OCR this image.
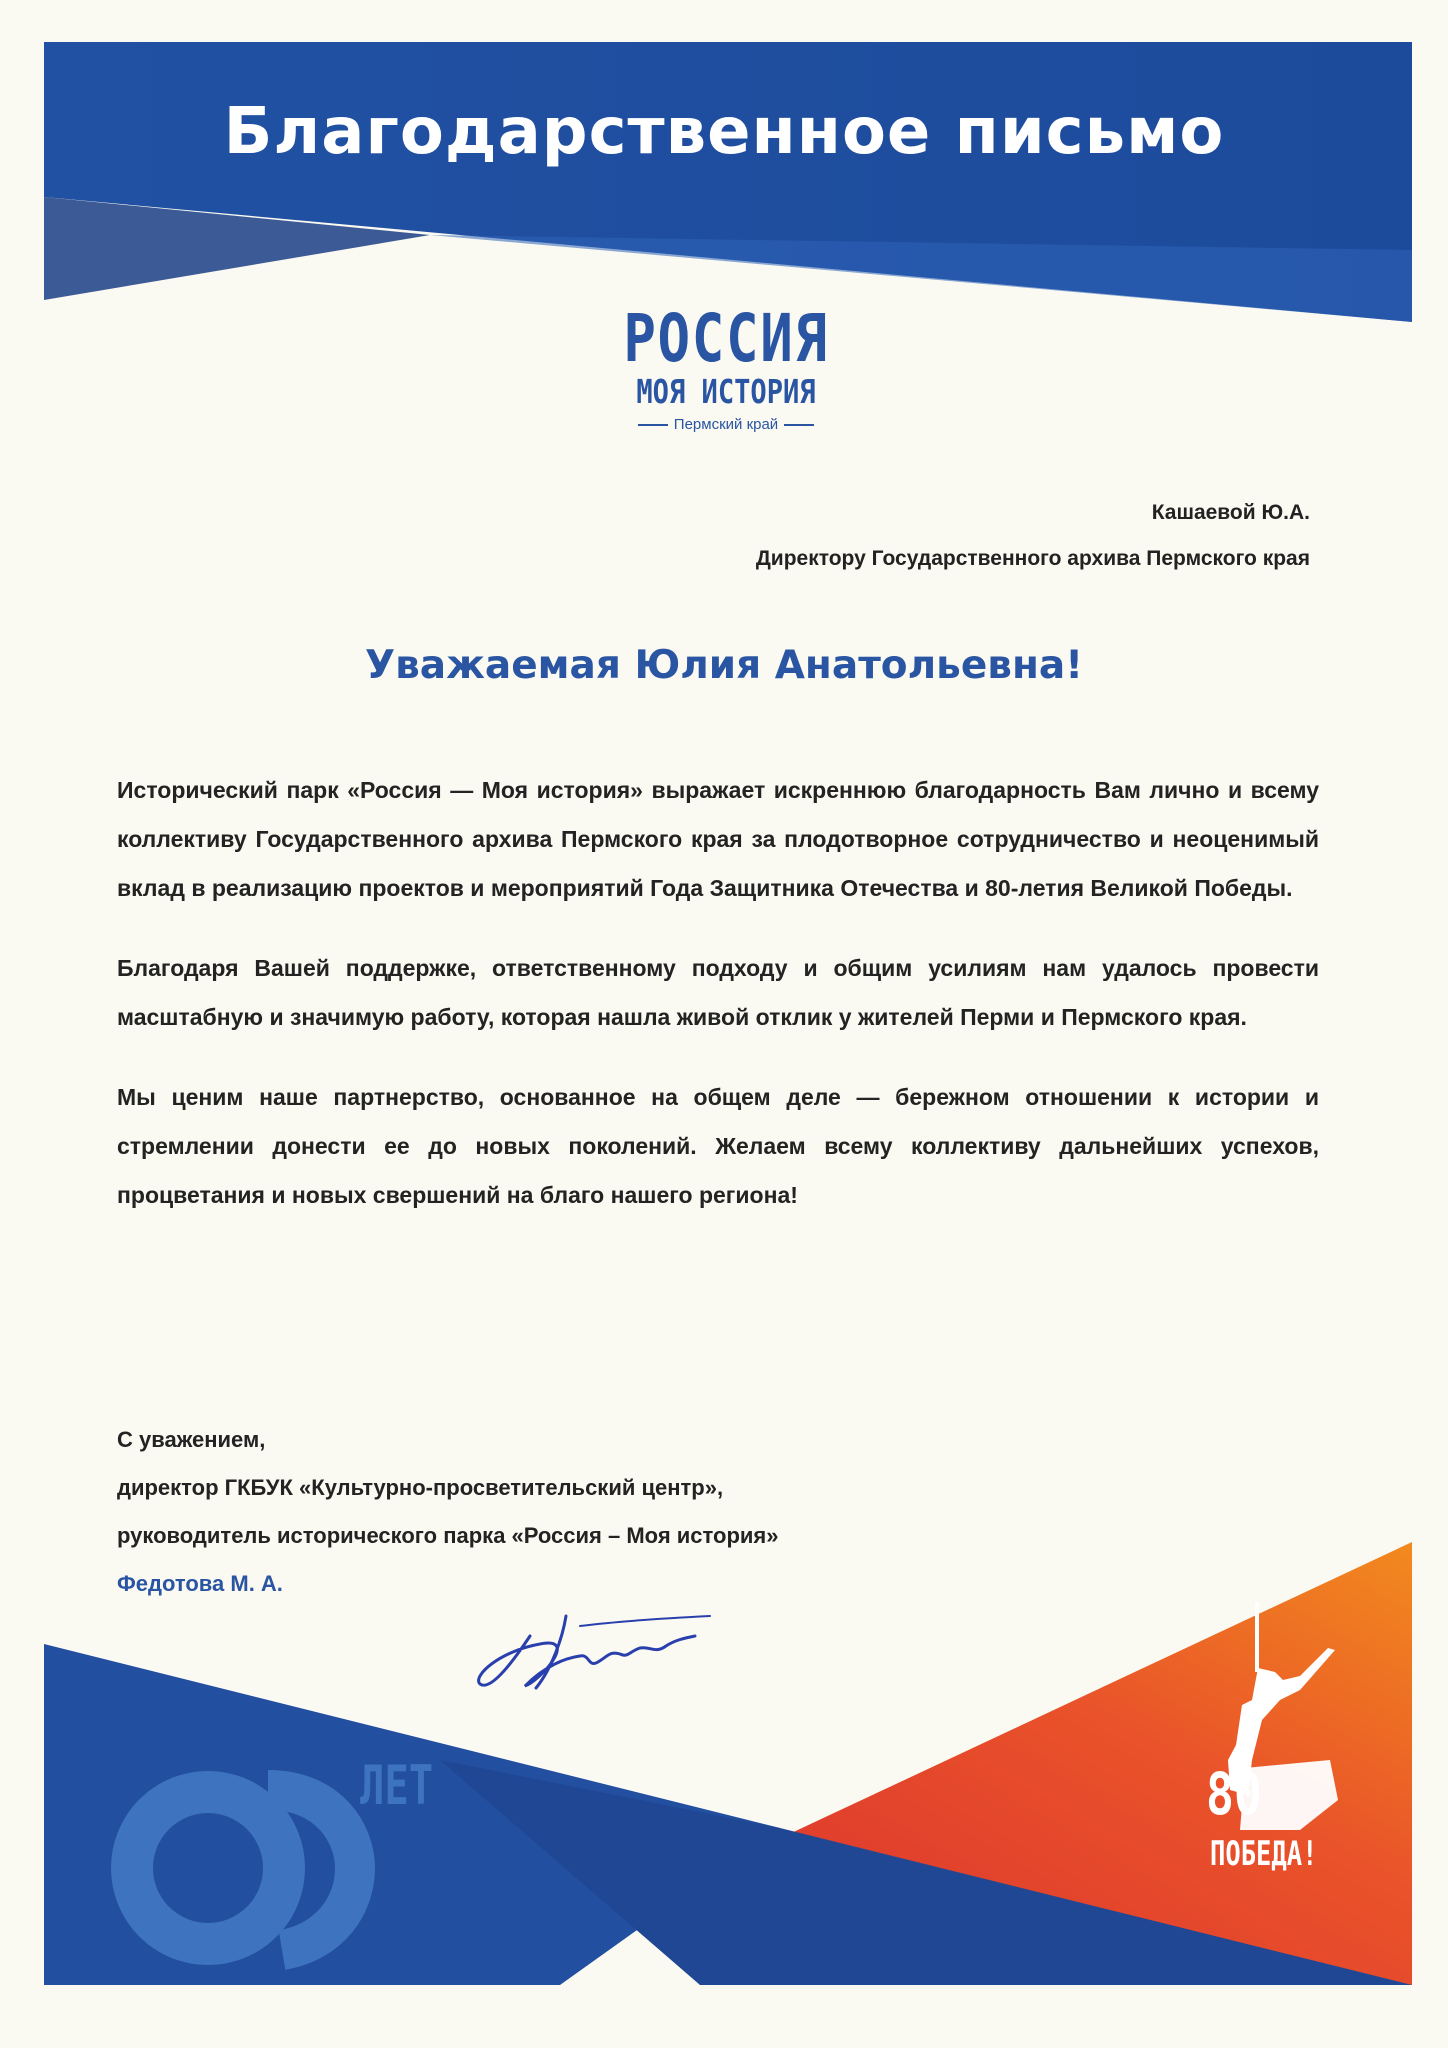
Благодарственное письмо
РОССИЯ
МОЯ ИСТОРИЯ
Пермский край
Кашаевой Ю.А.
Директору Государственного архива Пермского края
Уважаемая Юлия Анатольевна!

Исторический парк «Россия — Моя история» выражает искреннюю благодарность Вам лично и всему коллективу Государственного архива Пермского края за плодотворное сотрудничество и неоценимый вклад в реализацию проектов и мероприятий Года Защитника Отечества и 80-летия Великой Победы.

Благодаря Вашей поддержке, ответственному подходу и общим усилиям нам удалось провести масштабную и значимую работу, которая нашла живой отклик у жителей Перми и Пермского края.

Мы ценим наше партнерство, основанное на общем деле — бережном отношении к истории и стремлении донести ее до новых поколений. Желаем всему коллективу дальнейших успехов, процветания и новых свершений на благо нашего региона!

С уважением,
директор ГКБУК «Культурно-просветительский центр»,
руководитель исторического парка «Россия – Моя история»
Федотова М. А.
ЛЕТ	80
ПОБЕДА!
